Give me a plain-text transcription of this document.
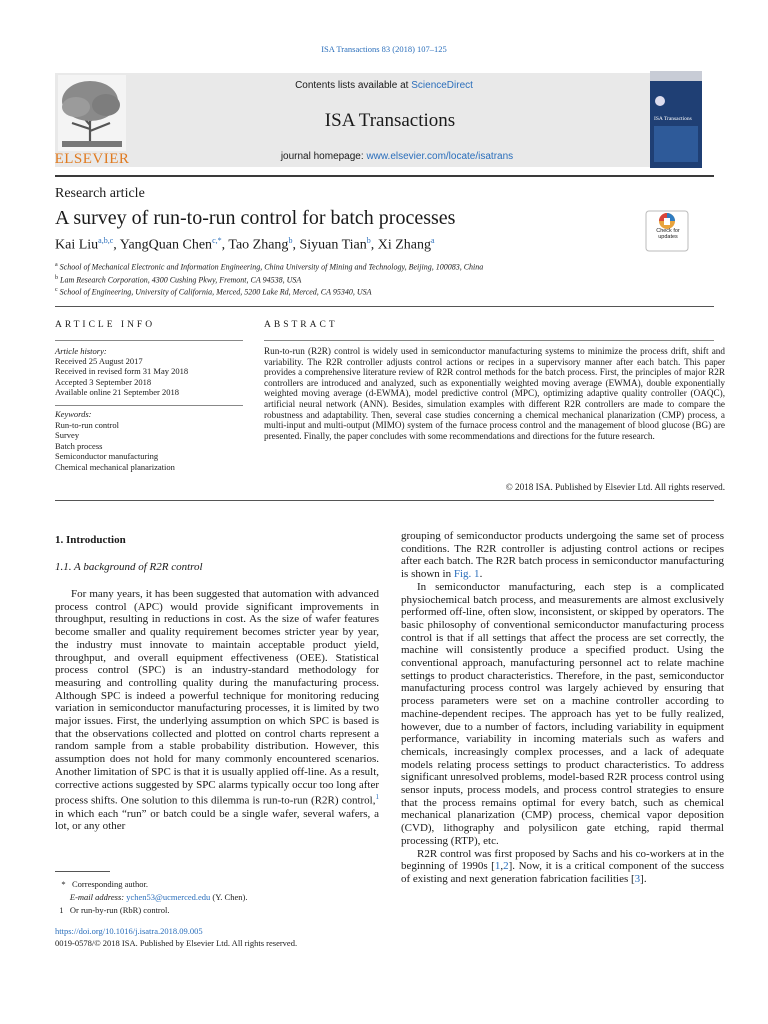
ISA Transactions 83 (2018) 107–125
ELSEVIER
Contents lists available at ScienceDirect
ISA Transactions
journal homepage: www.elsevier.com/locate/isatrans
ISA Transactions
Research article
A survey of run-to-run control for batch processes
Kai Liu$^{a,b,c}$, YangQuan Chen$^{c,*}$, Tao Zhang$^b$, Siyuan Tian$^b$, Xi Zhang$^a$
$^a$ School of Mechanical Electronic and Information Engineering, China University of Mining and Technology, Beijing, 100083, China
$^b$ Lam Research Corporation, 4300 Cushing Pkwy, Fremont, CA 94538, USA
$^c$ School of Engineering, University of California, Merced, 5200 Lake Rd, Merced, CA 95340, USA
Check for updates
ARTICLE INFO	ABSTRACT
Article history:
Received 25 August 2017
Received in revised form 31 May 2018
Accepted 3 September 2018
Available online 21 September 2018
Keywords:
Run-to-run control
Survey
Batch process
Semiconductor manufacturing
Chemical mechanical planarization
Run-to-run (R2R) control is widely used in semiconductor manufacturing systems to minimize the process drift, shift and variability. The R2R controller adjusts control actions or recipes in a supervisory manner after each batch. This paper provides a comprehensive literature review of R2R control methods for the batch process. First, the principles of major R2R controllers are introduced and analyzed, such as exponentially weighted moving average (EWMA), double exponentially weighted moving average (d-EWMA), model predictive control (MPC), optimizing adaptive quality controller (OAQC), artificial neural network (ANN). Besides, simulation examples with different R2R controllers are made to compare the robustness and adaptability. Then, several case studies concerning a chemical mechanical planarization (CMP) process, a multi-input and multi-output (MIMO) system of the furnace process control and the management of blood glucose (BG) are presented. Finally, the paper concludes with some recommendations and directions for the future research.
© 2018 ISA. Published by Elsevier Ltd. All rights reserved.
1. Introduction
1.1. A background of R2R control
For many years, it has been suggested that automation with advanced process control (APC) would provide significant improvements in throughput, resulting in reductions in cost. As the size of wafer features become smaller and quality requirement becomes stricter year by year, the industry must innovate to maintain acceptable product yield, throughput, and overall equipment effectiveness (OEE). Statistical process control (SPC) is an industry-standard methodology for measuring and controlling quality during the manufacturing process. Although SPC is indeed a powerful technique for monitoring reducing variation in semiconductor manufacturing processes, it is limited by two major issues. First, the underlying assumption on which SPC is based is that the observations collected and plotted on control charts represent a random sample from a stable probability distribution. However, this assumption does not hold for many commonly encountered scenarios. Another limitation of SPC is that it is usually applied off-line. As a result, corrective actions suggested by SPC alarms typically occur too long after process shifts. One solution to this dilemma is run-to-run (R2R) control,$^1$ in which each “run” or batch could be a single wafer, several wafers, a lot, or any other

grouping of semiconductor products undergoing the same set of process conditions. The R2R controller is adjusting control actions or recipes after each batch. The R2R batch process in semiconductor manufacturing is shown in Fig. 1.

In semiconductor manufacturing, each step is a complicated physiochemical batch process, and measurements are almost exclusively performed off-line, often slow, inconsistent, or skipped by operators. The basic philosophy of conventional semiconductor manufacturing process control is that if all settings that affect the process are set correctly, the machine will consistently produce a specified product. Using the conventional approach, manufacturing personnel act to relate machine settings to product characteristics. Therefore, in the past, semiconductor manufacturing process control was largely achieved by ensuring that process parameters were set on a machine controller according to machine-dependent recipes. The approach has yet to be fully realized, however, due to a number of factors, including variability in equipment performance, variability in incoming materials such as wafers and chemicals, increasingly complex processes, and a lack of adequate models relating process settings to product characteristics. To address significant unresolved problems, model-based R2R process control using sensor inputs, process models, and process control strategies to ensure that the process remains optimal for every batch, such as chemical mechanical planarization (CMP) process, chemical vapor deposition (CVD), lithography and polysilicon gate etching, rapid thermal processing (RTP), etc.

R2R control was first proposed by Sachs and his co-workers at in the beginning of 1990s [1,2]. Now, it is a critical component of the success of existing and next generation fabrication facilities [3].

* Corresponding author.
E-mail address: ychen53@ucmerced.edu (Y. Chen).
1 Or run-by-run (RbR) control.
https://doi.org/10.1016/j.isatra.2018.09.005
0019-0578/© 2018 ISA. Published by Elsevier Ltd. All rights reserved.
